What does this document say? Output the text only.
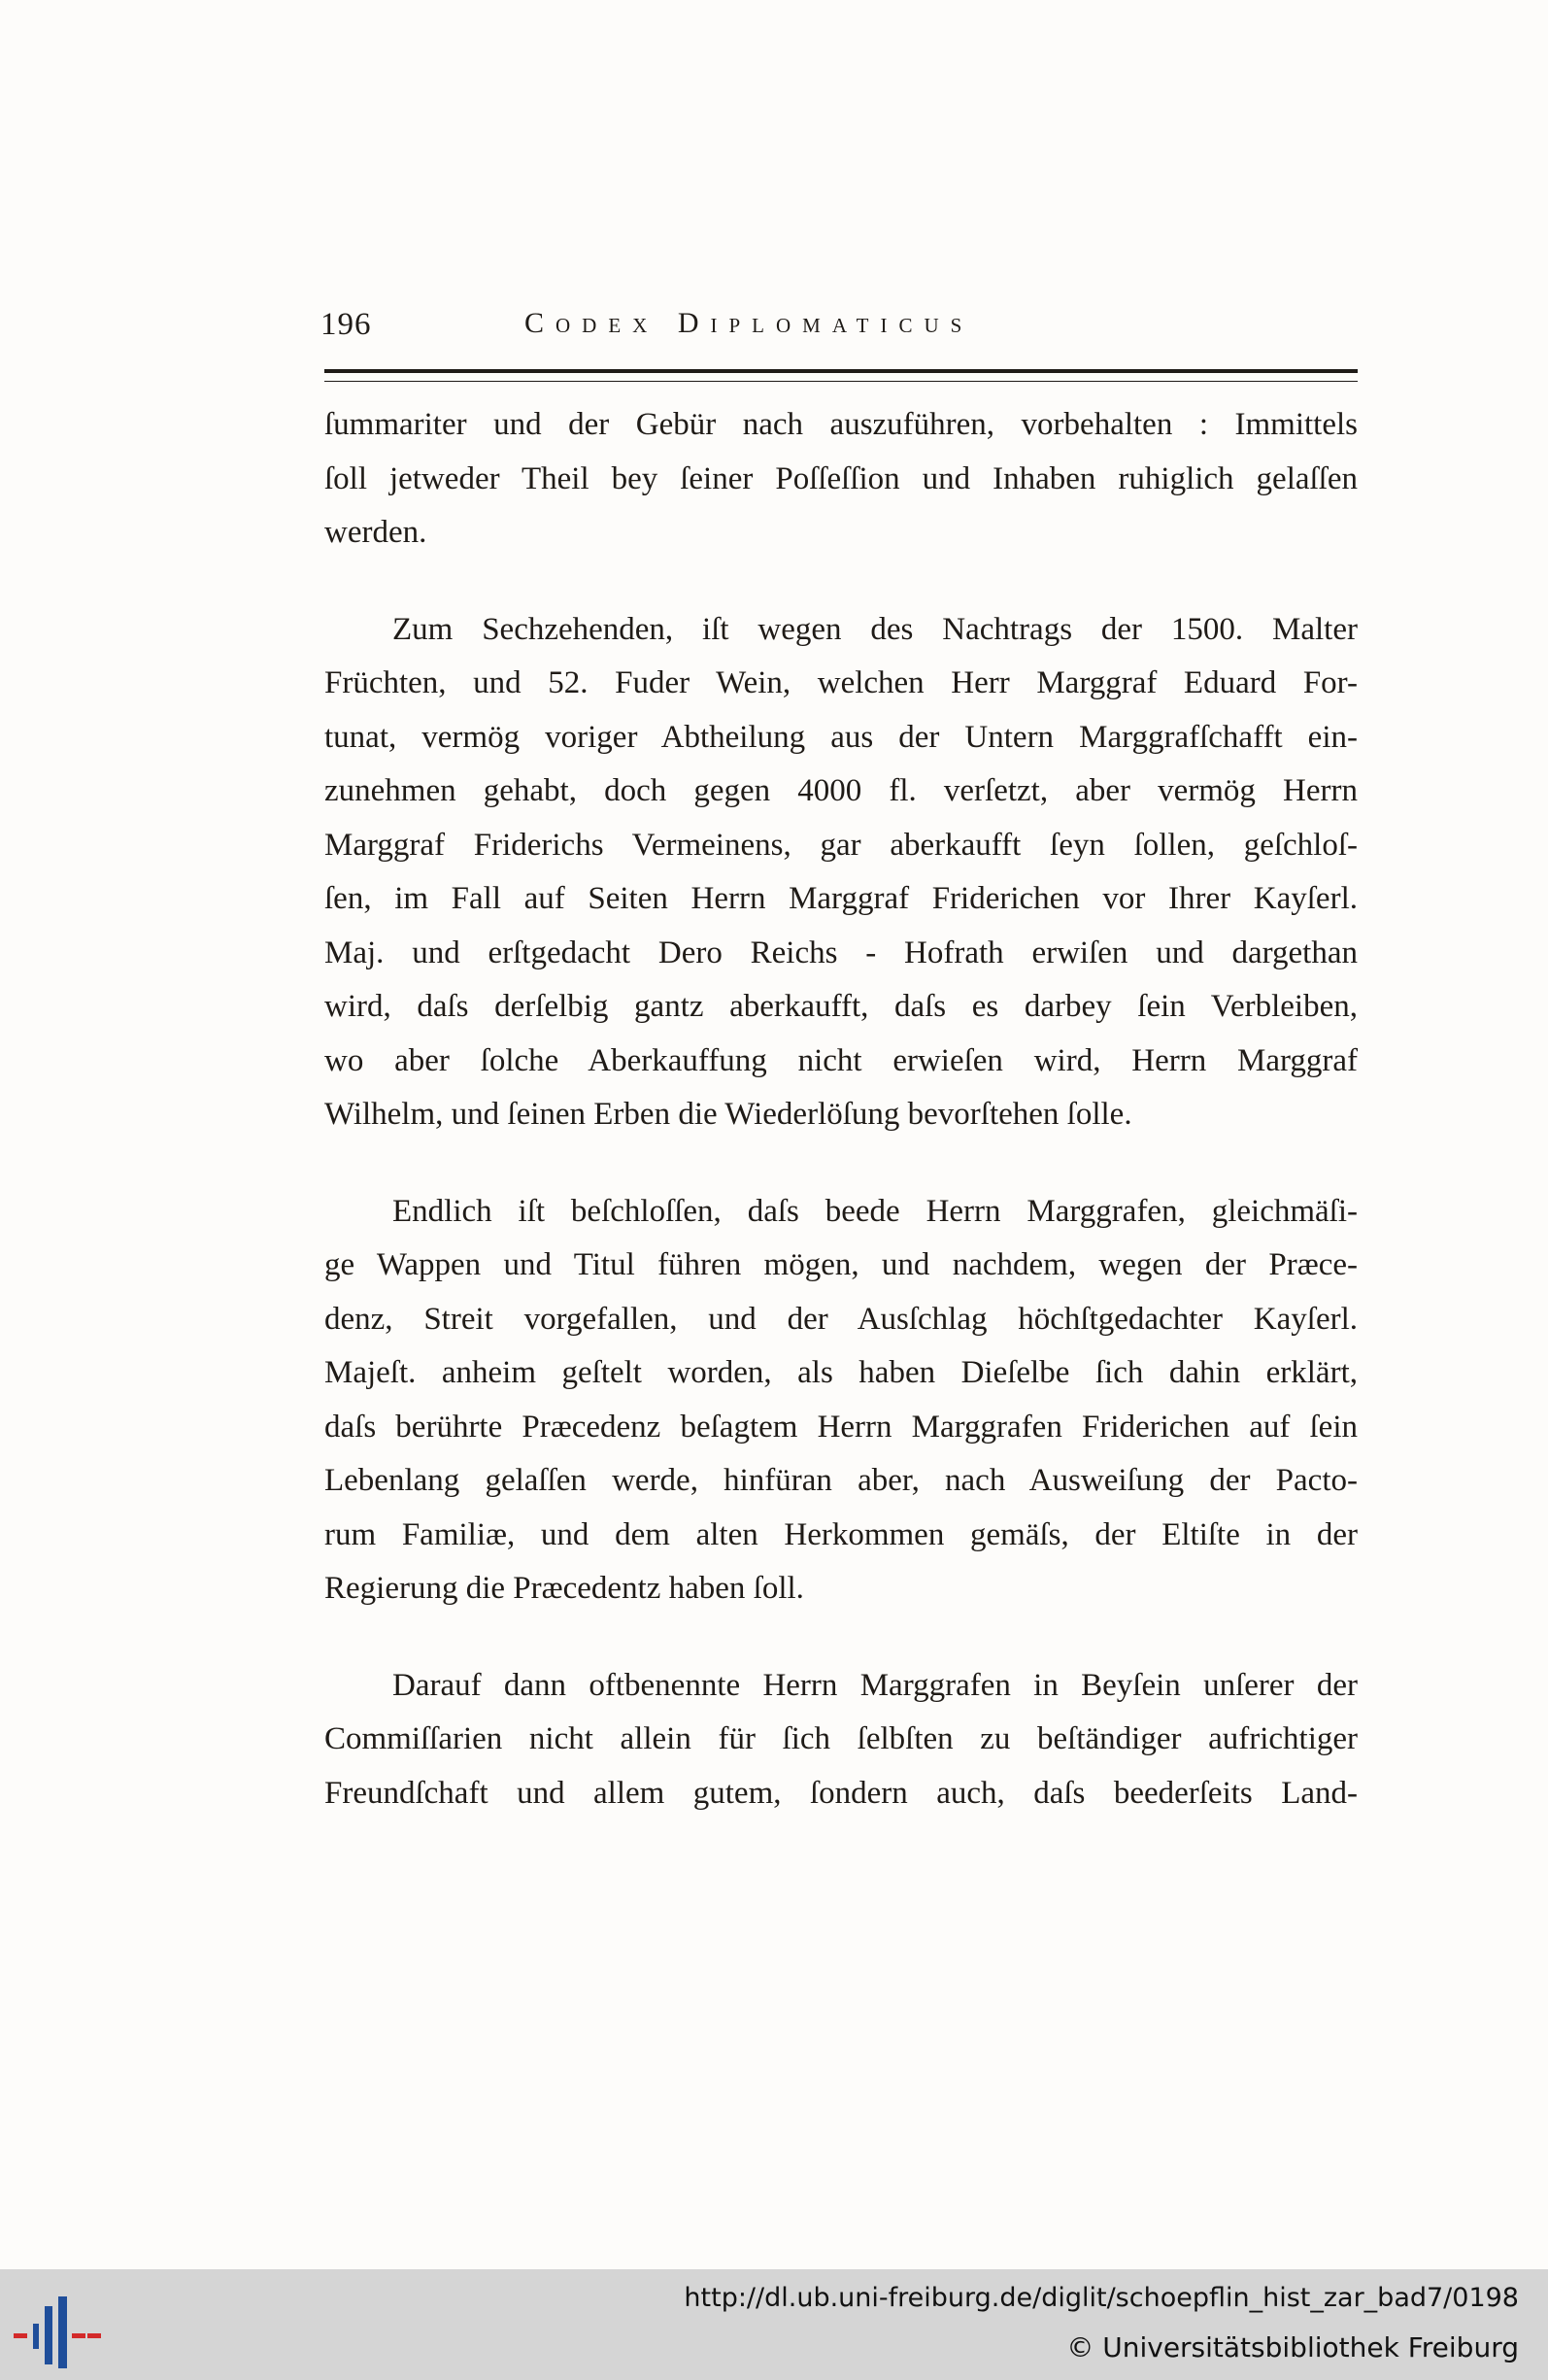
196	Codex Diplomaticus
ſummariter und der Gebür nach auszuführen, vorbehalten : Immittels
ſoll jetweder Theil bey ſeiner Poſſeſſion und Inhaben ruhiglich gelaſſen
werden.
Zum Sechzehenden, iſt wegen des Nachtrags der 1500. Malter
Früchten, und 52. Fuder Wein, welchen Herr Marggraf Eduard For-
tunat, vermög voriger Abtheilung aus der Untern Marggrafſchafft ein-
zunehmen gehabt, doch gegen 4000 fl. verſetzt, aber vermög Herrn
Marggraf Friderichs Vermeinens, gar aberkaufft ſeyn ſollen, geſchloſ-
ſen, im Fall auf Seiten Herrn Marggraf Friderichen vor Ihrer Kayſerl.
Maj. und erſtgedacht Dero Reichs - Hofrath erwiſen und dargethan
wird, daſs derſelbig gantz aberkaufft, daſs es darbey ſein Verbleiben,
wo aber ſolche Aberkauffung nicht erwieſen wird, Herrn Marggraf
Wilhelm, und ſeinen Erben die Wiederlöſung bevorſtehen ſolle.
Endlich iſt beſchloſſen, daſs beede Herrn Marggrafen, gleichmäſi-
ge Wappen und Titul führen mögen, und nachdem, wegen der Præce-
denz, Streit vorgefallen, und der Ausſchlag höchſtgedachter Kayſerl.
Majeſt. anheim geſtelt worden, als haben Dieſelbe ſich dahin erklärt,
daſs berührte Præcedenz beſagtem Herrn Marggrafen Friderichen auf ſein
Lebenlang gelaſſen werde, hinfüran aber, nach Ausweiſung der Pacto-
rum Familiæ, und dem alten Herkommen gemäſs, der Eltiſte in der
Regierung die Præcedentz haben ſoll.
Darauf dann oftbenennte Herrn Marggrafen in Beyſein unſerer der
Commiſſarien nicht allein für ſich ſelbſten zu beſtändiger aufrichtiger
Freundſchaft und allem gutem, ſondern auch, daſs beederſeits Land-
http://dl.ub.uni-freiburg.de/diglit/schoepflin_hist_zar_bad7/0198
© Universitätsbibliothek Freiburg
